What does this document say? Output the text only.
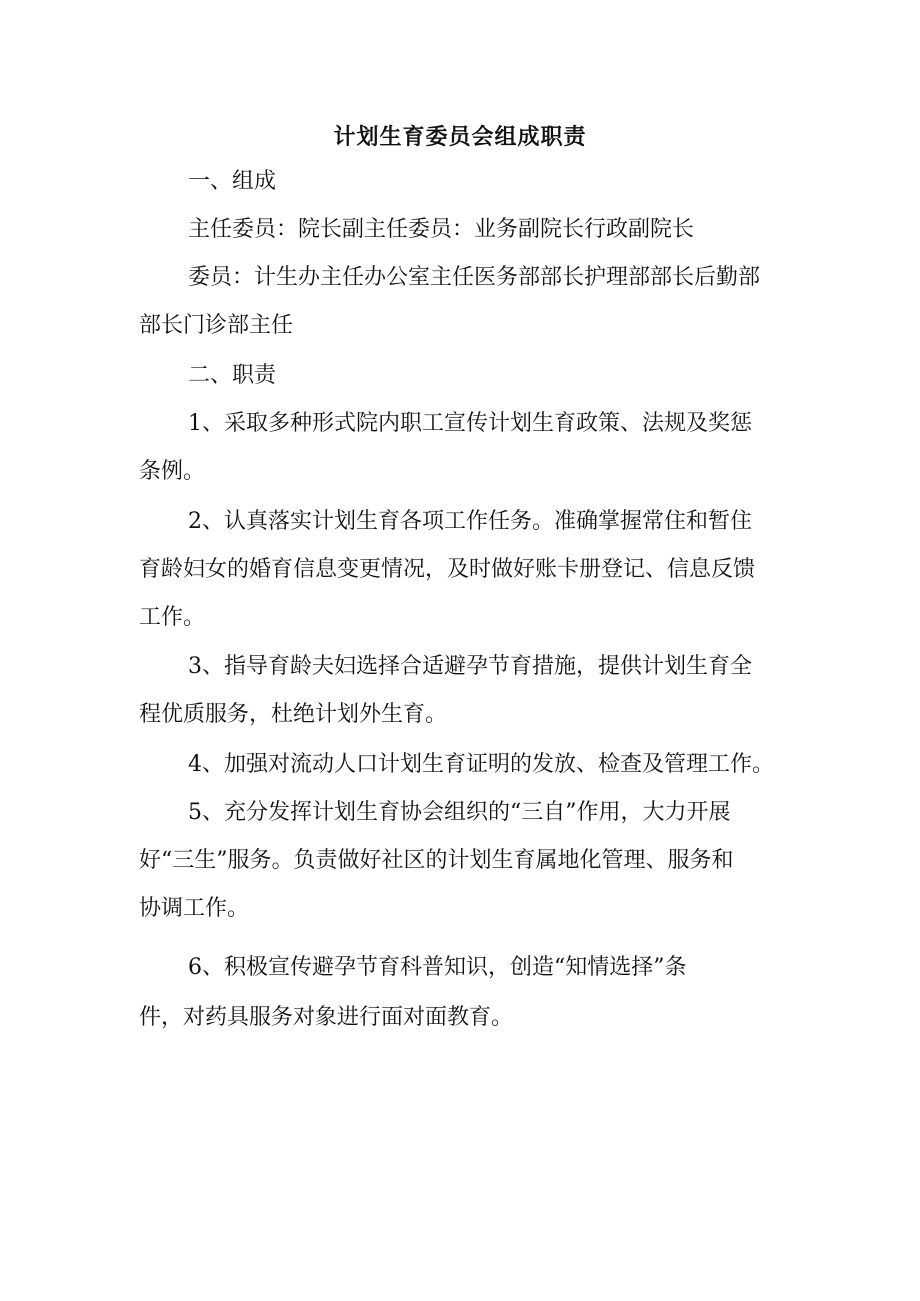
计划生育委员会组成职责
一、组成
主任委员：院长副主任委员：业务副院长行政副院长
委员：计生办主任办公室主任医务部部长护理部部长后勤部
部长门诊部主任
二、职责
1、采取多种形式院内职工宣传计划生育政策、法规及奖惩
条例。
2、认真落实计划生育各项工作任务。准确掌握常住和暂住
育龄妇女的婚育信息变更情况，及时做好账卡册登记、信息反馈
工作。
3、指导育龄夫妇选择合适避孕节育措施，提供计划生育全
程优质服务，杜绝计划外生育。
4、加强对流动人口计划生育证明的发放、检查及管理工作。
5、充分发挥计划生育协会组织的“三自”作用，大力开展
好“三生”服务。负责做好社区的计划生育属地化管理、服务和
协调工作。
6、积极宣传避孕节育科普知识，创造“知情选择”条
件，对药具服务对象进行面对面教育。
